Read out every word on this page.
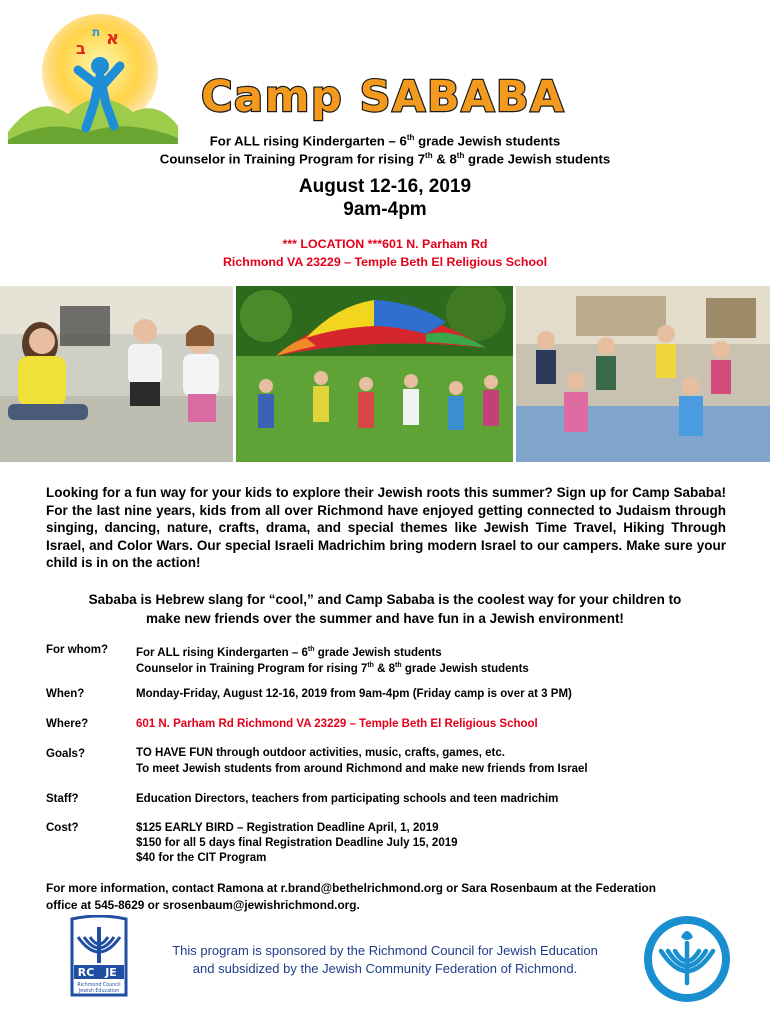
ב א
ת
Camp SABABA
For ALL rising Kindergarten – 6th grade Jewish students
Counselor in Training Program for rising 7th & 8th grade Jewish students
August 12-16, 2019
9am-4pm
*** LOCATION ***601 N. Parham Rd
Richmond VA 23229 – Temple Beth El Religious School
Looking for a fun way for your kids to explore their Jewish roots this summer? Sign up for Camp Sababa! For the last nine years, kids from all over Richmond have enjoyed getting connected to Judaism through singing, dancing, nature, crafts, drama, and special themes like Jewish Time Travel, Hiking Through Israel, and Color Wars. Our special Israeli Madrichim bring modern Israel to our campers. Make sure your child is in on the action!
Sababa is Hebrew slang for “cool,” and Camp Sababa is the coolest way for your children to
make new friends over the summer and have fun in a Jewish environment!
For whom? For ALL rising Kindergarten – 6th grade Jewish students
Counselor in Training Program for rising 7th & 8th grade Jewish students
When?	Monday-Friday, August 12-16, 2019 from 9am-4pm (Friday camp is over at 3 PM)
Where?	601 N. Parham Rd Richmond VA 23229 – Temple Beth El Religious School
Goals?	TO HAVE FUN through outdoor activities, music, crafts, games, etc.
To meet Jewish students from around Richmond and make new friends from Israel
Staff?	Education Directors, teachers from participating schools and teen madrichim
Cost?	$125 EARLY BIRD – Registration Deadline April, 1, 2019
$150 for all 5 days final Registration Deadline July 15, 2019
$40 for the CIT Program
For more information, contact Ramona at r.brand@bethelrichmond.org or Sara Rosenbaum at the Federation
office at 545-8629 or srosenbaum@jewishrichmond.org.
RC JE
Richmond Council
Jewish Education
This program is sponsored by the Richmond Council for Jewish Education
and subsidized by the Jewish Community Federation of Richmond.
